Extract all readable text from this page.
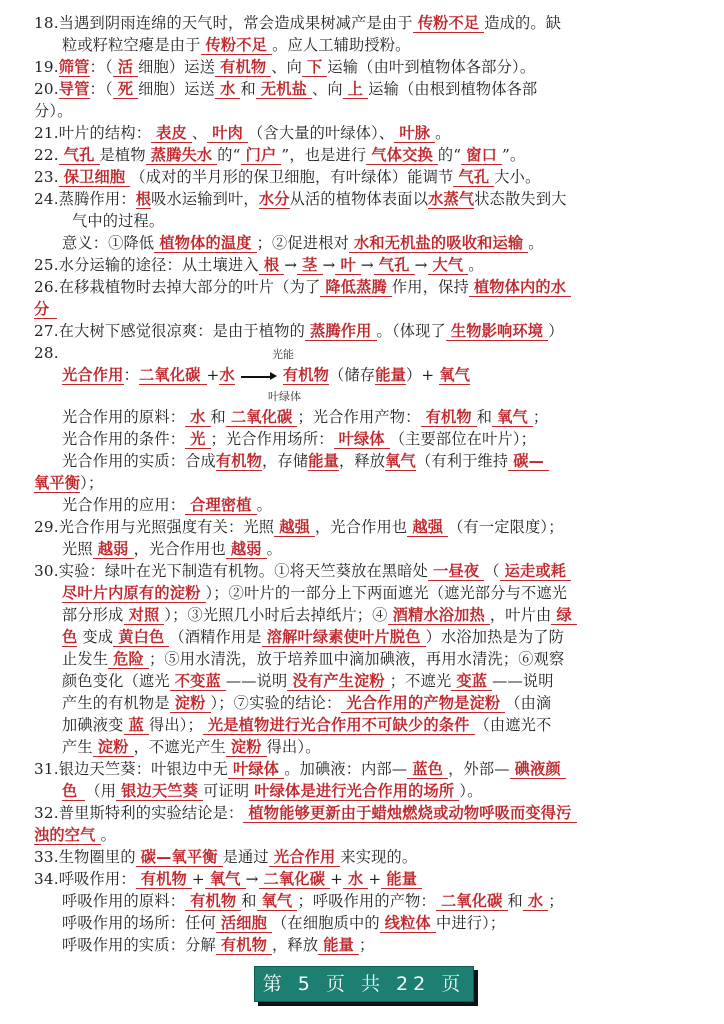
18.当遇到阴雨连绵的天气时，常会造成果树减产是由于 传粉不足 造成的。缺
粒或籽粒空瘪是由于 传粉不足 。应人工辅助授粉。
19.筛管：（ 活 细胞）运送 有机物 、向 下 运输（由叶到植物体各部分）。
20.导管：（ 死 细胞）运送 水 和 无机盐 、向 上 运输（由根到植物体各部
分）。
21.叶片的结构： 表皮 、 叶肉 （含大量的叶绿体）、 叶脉 。
22. 气孔 是植物 蒸腾失水 的“ 门户 ”，也是进行 气体交换 的“ 窗口 ”。
23. 保卫细胞 （成对的半月形的保卫细胞，有叶绿体）能调节 气孔 大小。
24.蒸腾作用：根吸水运输到叶，水分从活的植物体表面以水蒸气状态散失到大
气中的过程。
意义：①降低 植物体的温度 ；②促进根对 水和无机盐的吸收和运输 。
25.水分运输的途径：从土壤进入 根 → 茎 → 叶 → 气孔 → 大气 。
26.在移栽植物时去掉大部分的叶片（为了 降低蒸腾 作用，保持 植物体内的水
分
27.在大树下感觉很凉爽：是由于植物的 蒸腾作用 。（体现了 生物影响环境 ）
28.	光能
光合作用：二氧化碳 +水	有机物（储存能量）+ 氧气
叶绿体
光合作用的原料： 水 和 二氧化碳 ；光合作用产物： 有机物 和 氧气 ；
光合作用的条件： 光 ；光合作用场所： 叶绿体 （主要部位在叶片）；
光合作用的实质：合成有机物，存储能量，释放氧气（有利于维持 碳—
氧平衡）；
光合作用的应用： 合理密植 。
29.光合作用与光照强度有关：光照 越强 ，光合作用也 越强 （有一定限度）；
光照 越弱 ，光合作用也 越弱 。
30.实验：绿叶在光下制造有机物。①将天竺葵放在黑暗处 一昼夜 （ 运走或耗
尽叶片内原有的淀粉 ）；②叶片的一部分上下两面遮光（遮光部分与不遮光
部分形成 对照 ）；③光照几小时后去掉纸片；④ 酒精水浴加热 ，叶片由 绿
色 变成 黄白色 （酒精作用是 溶解叶绿素使叶片脱色 ）水浴加热是为了防
止发生 危险 ；⑤用水清洗，放于培养皿中滴加碘液，再用水清洗；⑥观察
颜色变化（遮光 不变蓝 ——说明 没有产生淀粉 ；不遮光 变蓝 ——说明
产生的有机物是 淀粉 ）；⑦实验的结论： 光合作用的产物是淀粉 （由滴
加碘液变 蓝 得出）； 光是植物进行光合作用不可缺少的条件 （由遮光不
产生 淀粉 ，不遮光产生 淀粉 得出）。
31.银边天竺葵：叶银边中无 叶绿体 。加碘液：内部— 蓝色 ，外部— 碘液颜
色 （用 银边天竺葵 可证明 叶绿体是进行光合作用的场所 ）。
32.普里斯特利的实验结论是： 植物能够更新由于蜡烛燃烧或动物呼吸而变得污
浊的空气 。
33.生物圈里的 碳—氧平衡 是通过 光合作用 来实现的。
34.呼吸作用： 有机物 + 氧气 → 二氧化碳 + 水 + 能量
呼吸作用的原料： 有机物 和 氧气 ；呼吸作用的产物： 二氧化碳 和 水 ；
呼吸作用的场所：任何 活细胞 （在细胞质中的 线粒体 中进行）；
呼吸作用的实质：分解 有机物 ，释放 能量 ；
第 5 页 共 22 页
